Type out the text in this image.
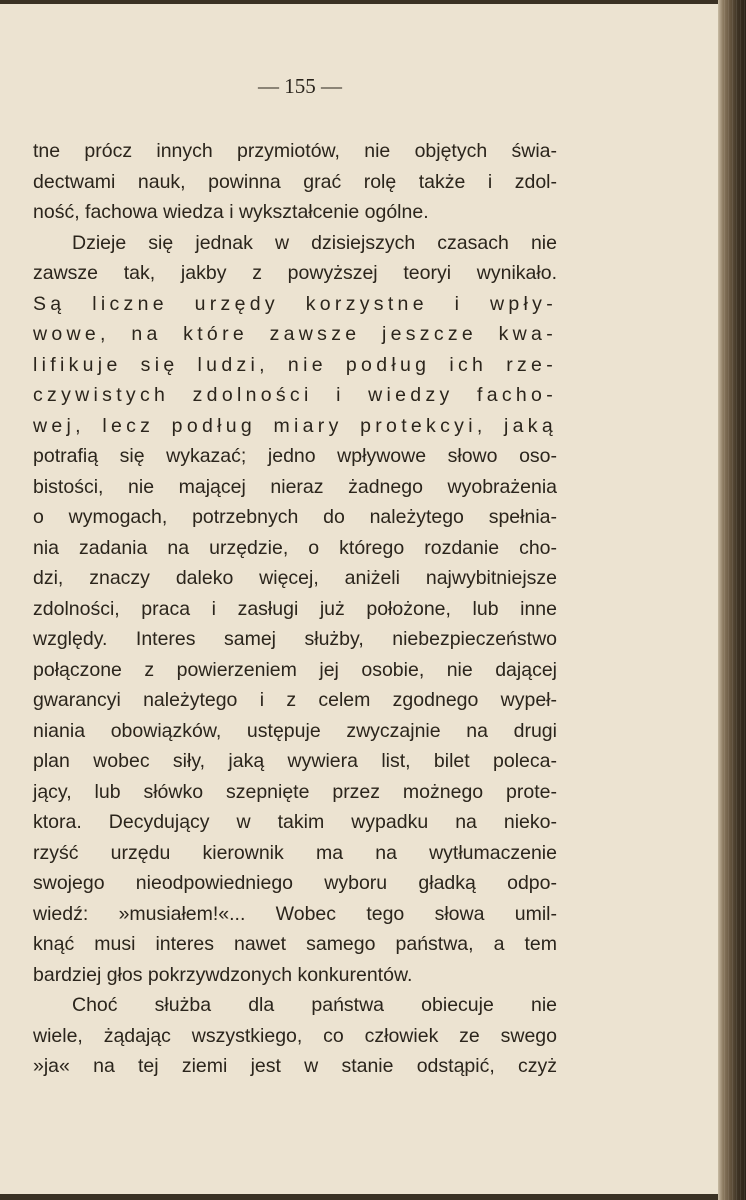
— 155 —
tne prócz innych przymiotów, nie objętych świa-
dectwami nauk, powinna grać rolę także i zdol-
ność, fachowa wiedza i wykształcenie ogólne.
Dzieje się jednak w dzisiejszych czasach nie
zawsze tak, jakby z powyższej teoryi wynikało.
Są liczne urzędy korzystne i wpły-
wowe, na które zawsze jeszcze kwa-
lifikuje się ludzi, nie podług ich rze-
czywistych zdolności i wiedzy facho-
wej, lecz podług miary protekcyi, jaką
potrafią się wykazać; jedno wpływowe słowo oso-
bistości, nie mającej nieraz żadnego wyobrażenia
o wymogach, potrzebnych do należytego spełnia-
nia zadania na urzędzie, o którego rozdanie cho-
dzi, znaczy daleko więcej, aniżeli najwybitniejsze
zdolności, praca i zasługi już położone, lub inne
względy. Interes samej służby, niebezpieczeństwo
połączone z powierzeniem jej osobie, nie dającej
gwarancyi należytego i z celem zgodnego wypeł-
niania obowiązków, ustępuje zwyczajnie na drugi
plan wobec siły, jaką wywiera list, bilet poleca-
jący, lub słówko szepnięte przez możnego prote-
ktora. Decydujący w takim wypadku na nieko-
rzyść urzędu kierownik ma na wytłumaczenie
swojego nieodpowiedniego wyboru gładką odpo-
wiedź: »musiałem!«... Wobec tego słowa umil-
knąć musi interes nawet samego państwa, a tem
bardziej głos pokrzywdzonych konkurentów.
Choć służba dla państwa obiecuje nie
wiele, żądając wszystkiego, co człowiek ze swego
»ja« na tej ziemi jest w stanie odstąpić, czyż
